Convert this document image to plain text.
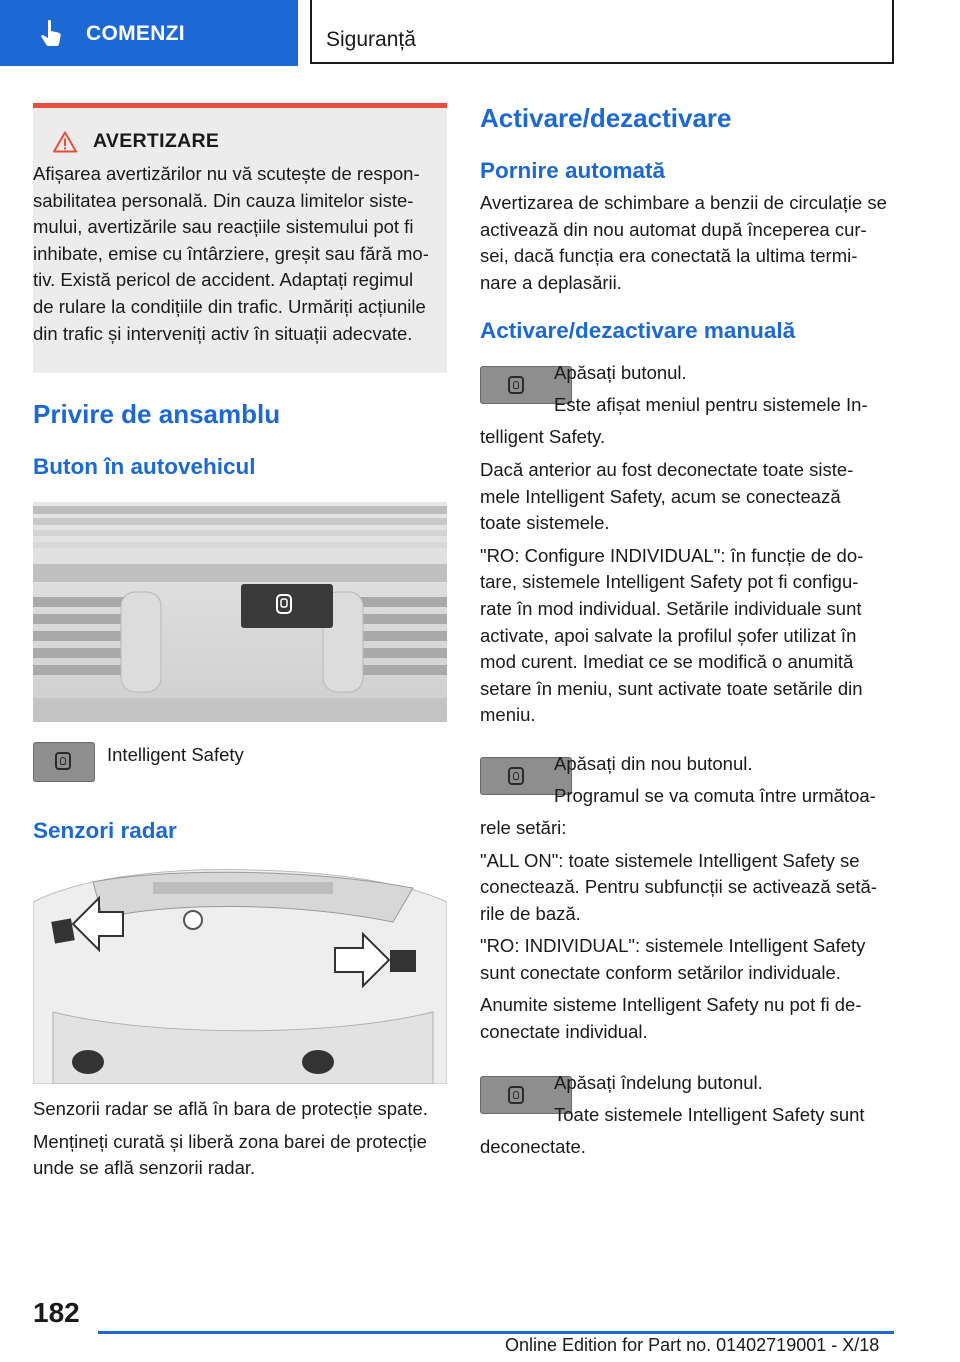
COMENZI	Siguranță
AVERTIZARE

Afișarea avertizărilor nu vă scutește de respon-

sabilitatea personală. Din cauza limitelor siste-

mului, avertizările sau reacțiile sistemului pot fi

inhibate, emise cu întârziere, greșit sau fără mo-

tiv. Există pericol de accident. Adaptați regimul

de rulare la condițiile din trafic. Urmăriți acțiunile

din trafic și interveniți activ în situații adecvate.

Privire de ansamblu
Buton în autovehicul
Intelligent Safety
Senzori radar

Senzorii radar se află în bara de protecție spate.

Mențineți curată și liberă zona barei de protecție

unde se află senzorii radar.

Activare/dezactivare
Pornire automată

Avertizarea de schimbare a benzii de circulație se

activează din nou automat după începerea cur-

sei, dacă funcția era conectată la ultima termi-

nare a deplasării.

Activare/dezactivare manuală

Apăsați butonul.

Este afișat meniul pentru sistemele In-

telligent Safety.

Dacă anterior au fost deconectate toate siste-

mele Intelligent Safety, acum se conectează

toate sistemele.

"RO: Configure INDIVIDUAL": în funcție de do-

tare, sistemele Intelligent Safety pot fi configu-

rate în mod individual. Setările individuale sunt

activate, apoi salvate la profilul șofer utilizat în

mod curent. Imediat ce se modifică o anumită

setare în meniu, sunt activate toate setările din

meniu.

Apăsați din nou butonul.

Programul se va comuta între următoa-

rele setări:

"ALL ON": toate sistemele Intelligent Safety se

conectează. Pentru subfuncții se activează setă-

rile de bază.

"RO: INDIVIDUAL": sistemele Intelligent Safety

sunt conectate conform setărilor individuale.

Anumite sisteme Intelligent Safety nu pot fi de-

conectate individual.

Apăsați îndelung butonul.

Toate sistemele Intelligent Safety sunt

deconectate.

182
Online Edition for Part no. 01402719001 - X/18
